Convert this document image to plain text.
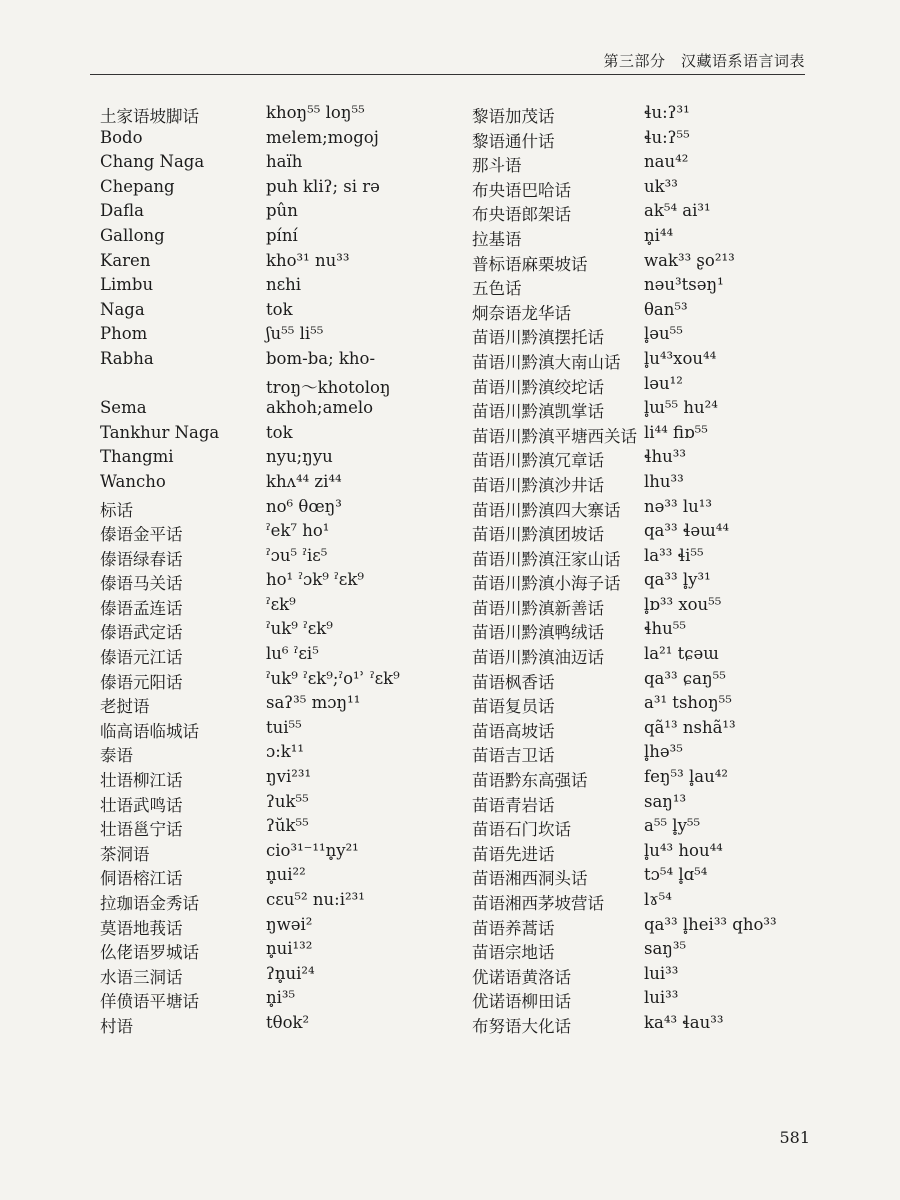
第三部分　汉藏语系语言词表
土家语坡脚话	khoŋ⁵⁵ loŋ⁵⁵
Bodo	melem;mogoj
Chang Naga	haïh
Chepang	puh kliʔ; si rə
Dafla	pûn
Gallong	píní
Karen	kho³¹ nu³³
Limbu	nɛhi
Naga	tok
Phom	ʃu⁵⁵ li⁵⁵
Rabha	bom-ba; kho-
troŋ～khotoloŋ
Sema	akhoh;amelo
Tankhur Naga	tok
Thangmi	nyu;ŋyu
Wancho	khʌ⁴⁴ zi⁴⁴
标话	no⁶ θœŋ³
傣语金平话	ˀek⁷ ho¹
傣语绿春话	ˀɔu⁵ ˀiɛ⁵
傣语马关话	ho¹ ˀɔk⁹ ˀɛk⁹
傣语孟连话	ˀɛk⁹
傣语武定话	ˀuk⁹ ˀɛk⁹
傣语元江话	lu⁶ ˀɛi⁵
傣语元阳话	ˀuk⁹ ˀɛk⁹;ˀo¹ʾ ˀɛk⁹
老挝语	saʔ³⁵ mɔŋ¹¹
临高语临城话	tui⁵⁵
泰语	ɔ:k¹¹
壮语柳江话	ŋvi²³¹
壮语武鸣话	ʔuk⁵⁵
壮语邕宁话	ʔŭk⁵⁵
茶洞语	cio³¹⁻¹¹n̥y²¹
侗语榕江话	n̥ui²²
拉珈语金秀话	cɛu⁵² nu:i²³¹
莫语地莪话	ŋwəi²
仫佬语罗城话	n̥ui¹³²
水语三洞话	ʔn̥ui²⁴
佯偾语平塘话	n̥i³⁵
村语	tθok²
黎语加茂话	ɬu:ʔ³¹
黎语通什话	ɬu:ʔ⁵⁵
那斗语	nau⁴²
布央语巴哈话	uk³³
布央语郎架话	ak⁵⁴ ai³¹
拉基语	n̥i⁴⁴
普标语麻栗坡话	wak³³ ʂo²¹³
五色话	nəu³tsəŋ¹
炯奈语龙华话	θan⁵³
苗语川黔滇摆托话 l̥əu⁵⁵
苗语川黔滇大南山话 l̥u⁴³xou⁴⁴
苗语川黔滇绞坨话 ləu¹²
苗语川黔滇凯掌话 l̥ɯ⁵⁵ hu²⁴
苗语川黔滇平塘西关话 li⁴⁴ fiɒ⁵⁵
苗语川黔滇冗章话 ɬhu³³
苗语川黔滇沙井话 lhu³³
苗语川黔滇四大寨话 nə³³ lu¹³
苗语川黔滇团坡话 qa³³ ɬəɯ⁴⁴
苗语川黔滇汪家山话 la³³ ɬi⁵⁵
苗语川黔滇小海子话 qa³³ l̥y³¹
苗语川黔滇新善话 l̥ɒ³³ xou⁵⁵
苗语川黔滇鸭绒话 ɬhu⁵⁵
苗语川黔滇油迈话 la²¹ tɕəɯ
苗语枫香话	qa³³ ɕaŋ⁵⁵
苗语复员话	a³¹ tshoŋ⁵⁵
苗语高坡话	qã¹³ nshã¹³
苗语吉卫话	l̥hə³⁵
苗语黔东高强话	feŋ⁵³ l̥au⁴²
苗语青岩话	saŋ¹³
苗语石门坎话	a⁵⁵ l̥y⁵⁵
苗语先进话	l̥u⁴³ hou⁴⁴
苗语湘西洞头话	tɔ⁵⁴ l̥ɑ⁵⁴
苗语湘西茅坡营话 lɤ⁵⁴
苗语养蒿话	qa³³ l̥hei³³ qho³³
苗语宗地话	saŋ³⁵
优诺语黄洛话	lui³³
优诺语柳田话	lui³³
布努语大化话	ka⁴³ ɬau³³
581
